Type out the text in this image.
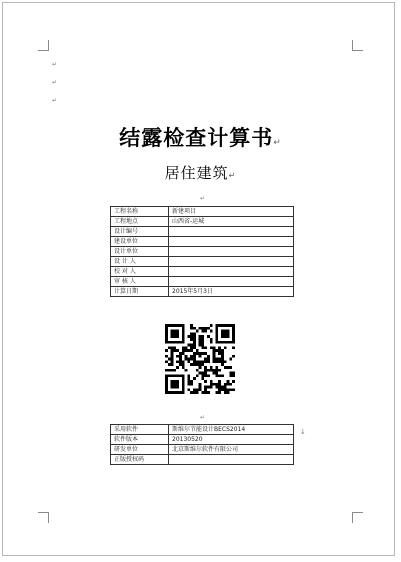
↵
↵
↵
结露检查计算书↵
居住建筑↵
↵
工程名称	新建项目
工程地点	山西省-运城
设计编号	
建设单位	
设计单位	
设 计 人	
校 对 人	
审 核 人	
计算日期	2015年5月3日
↵
采用软件	斯维尔节能设计BECS2014
软件版本	20130520
研发单位	北京斯维尔软件有限公司
正版授权码	
↓
